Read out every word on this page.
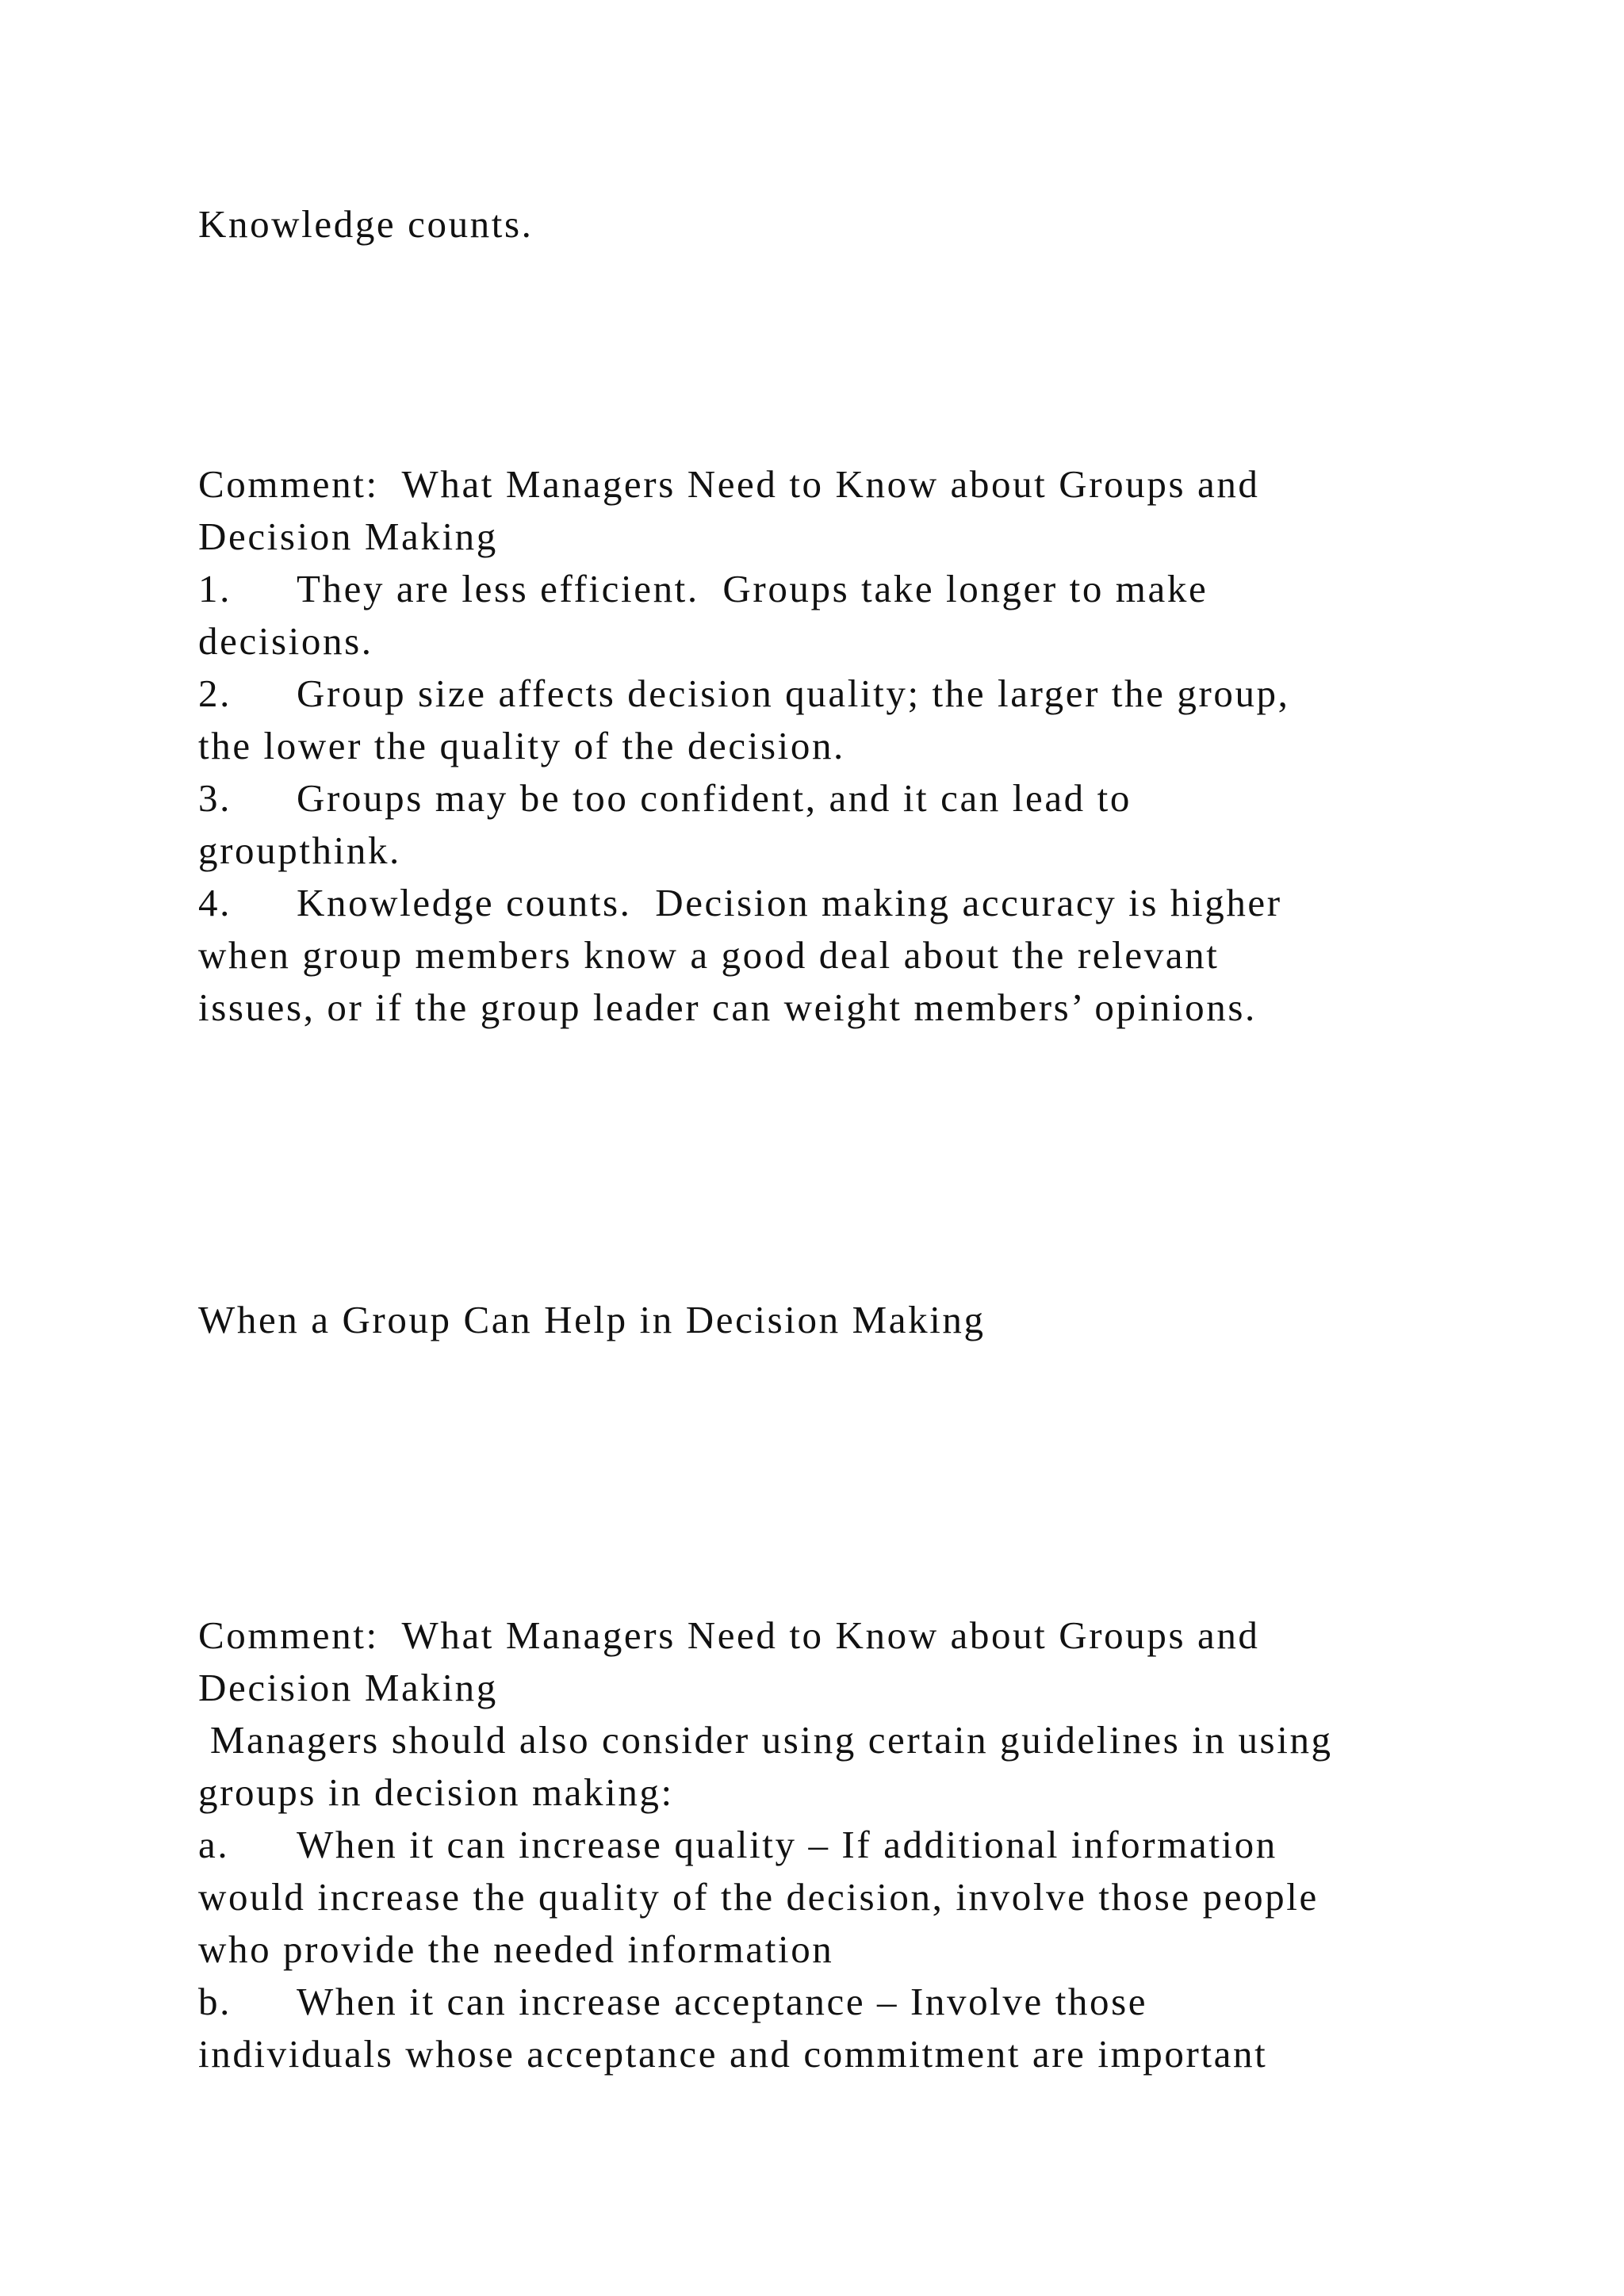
Knowledge counts.
Comment:  What Managers Need to Know about Groups and
Decision Making
1. They are less efficient.  Groups take longer to make
decisions.
2. Group size affects decision quality; the larger the group,
the lower the quality of the decision.
3. Groups may be too confident, and it can lead to
groupthink.
4. Knowledge counts.  Decision making accuracy is higher
when group members know a good deal about the relevant
issues, or if the group leader can weight members’ opinions.
When a Group Can Help in Decision Making
Comment:  What Managers Need to Know about Groups and
Decision Making
Managers should also consider using certain guidelines in using
groups in decision making:
a. When it can increase quality – If additional information
would increase the quality of the decision, involve those people
who provide the needed information
b. When it can increase acceptance – Involve those
individuals whose acceptance and commitment are important
